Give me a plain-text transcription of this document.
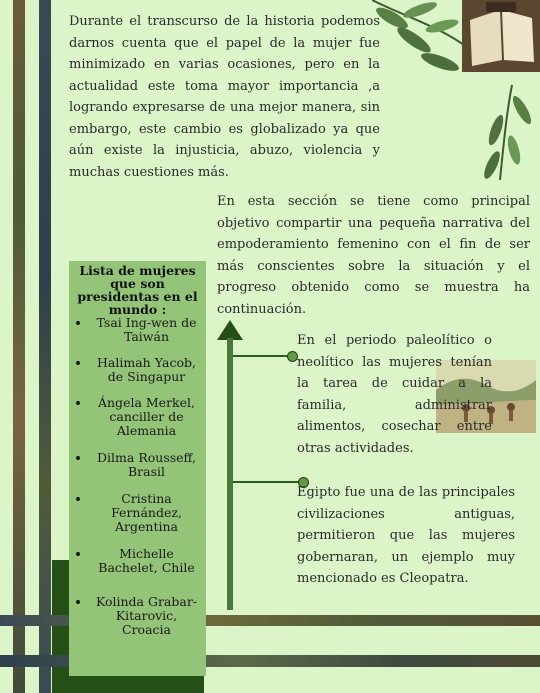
Durante el transcurso de la historia podemos darnos cuenta que el papel de la mujer fue minimizado en varias ocasiones, pero en la actualidad este toma mayor importancia ,a logrando expresarse de una mejor manera, sin embargo, este cambio es globalizado ya que aún existe la injusticia, abuzo, violencia y muchas cuestiones más.

En esta sección se tiene como principal objetivo compartir una pequeña narrativa del empoderamiento femenino con el fin de ser más conscientes sobre la situación y el progreso obtenido como se muestra ha continuación.

Lista de mujeres que son presidentas en el mundo :
• Tsai Ing-wen de Taiwán
• Halimah Yacob, de Singapur
• Ángela Merkel, canciller de Alemania
• Dilma Rousseff, Brasil
• Cristina Fernández, Argentina
• Michelle Bachelet, Chile
• Kolinda Grabar-Kitarovic, Croacia

En el periodo paleolítico o neolítico las mujeres tenían la tarea de cuidar a la familia, administrar alimentos, cosechar entre otras actividades.

Egipto fue una de las principales civilizaciones antiguas, permitieron que las mujeres gobernaran, un ejemplo muy mencionado es Cleopatra.
